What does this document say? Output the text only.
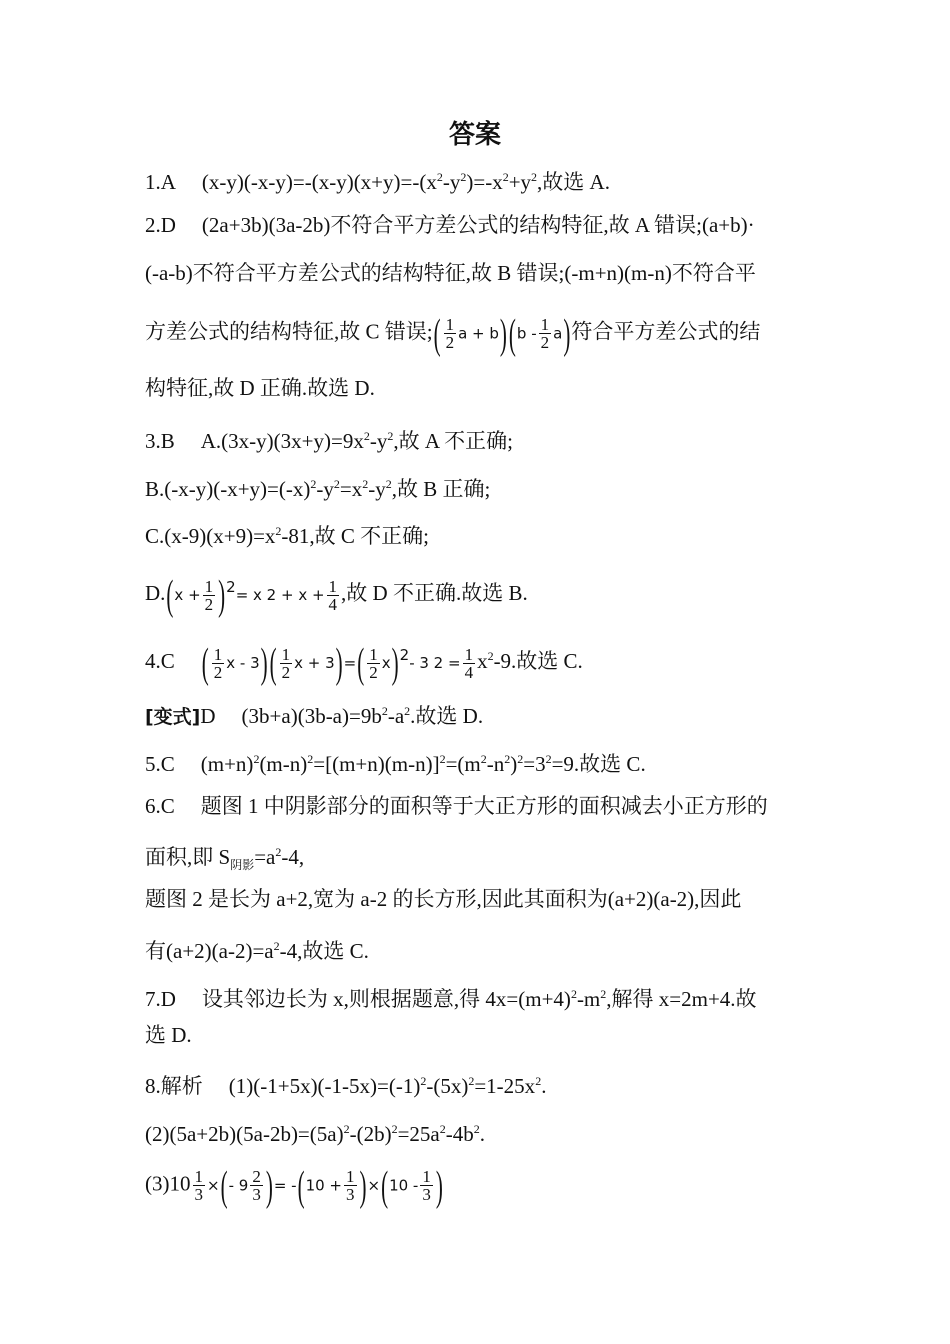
答案
1.A $(x-y)(-x-y)=-(x-y)(x+y)=-(x^2-y^2)=-x^2+y^2$,故选 A.
2.D (2a+3b)(3a-2b)不符合平方差公式的结构特征,故 A 错误;(a+b)·
(-a-b)不符合平方差公式的结构特征,故 B 错误;(-m+n)(m-n)不符合平
方差公式的结构特征,故 C 错误;( $\frac{1}{2}$ $a + b)(b - \frac{1}{2} a)$符合平方差公式的结
构特征,故 D 正确.故选 D.
3.B $A.(3x-y)(3x+y)=9x^2-y^2$,故 A 不正确;
$B.(-x-y)(-x+y)=(-x)^2-y^2=x^2-y^2$,故 B 正确;
$C.(x-9)(x+9)=x^2-81$,故 C 不正确;
$D.(x + \frac{1}{2} )^2= x$ $2 + x + \frac{1}{4}$ ,故 D 不正确.故选 B.
4.C ( $\frac{1}{2}$ x - $3)( \frac{1}{2}$ $x + 3)=( \frac{1}{2} x)^2-$ 3 $2 = \frac{1}{4} x^2-9$.故选 C.
[变式]D $(3b+a)(3b-a)=9b^2-a^2$.故选 D.
5.C $(m+n)^2(m-n)^2=[(m+n)(m-n)]^2=(m^2-n^2)^2=3^2=9$.故选 C.
6.C 题图 1 中阴影部分的面积等于大正方形的面积减去小正方形的
面积,即 $S_{阴影}=a^2-4$,
题图 2 是长为 a+2,宽为 a-2 的长方形,因此其面积为(a+2)(a-2),因此
有$(a+2)(a-2)=a^2-4$,故选 C.
7.D 设其邻边长为 x,则根据题意,得 $4x=(m+4)^2-m^2$,解得 x=2m+4.故
选 D.
8.解析 $(1)(-1+5x)(-1-5x)=(-1)^2-(5x)^2=1-25x^2$.
$(2)(5a+2b)(5a-2b)=(5a)^2-(2b)^2=25a^2-4b^2$.
$(3)10 \frac{1}{3}$ ×(- $9 \frac{2}{3}$ )= $-(10 + \frac{1}{3} )\times(10 - \frac{1}{3}$ )
